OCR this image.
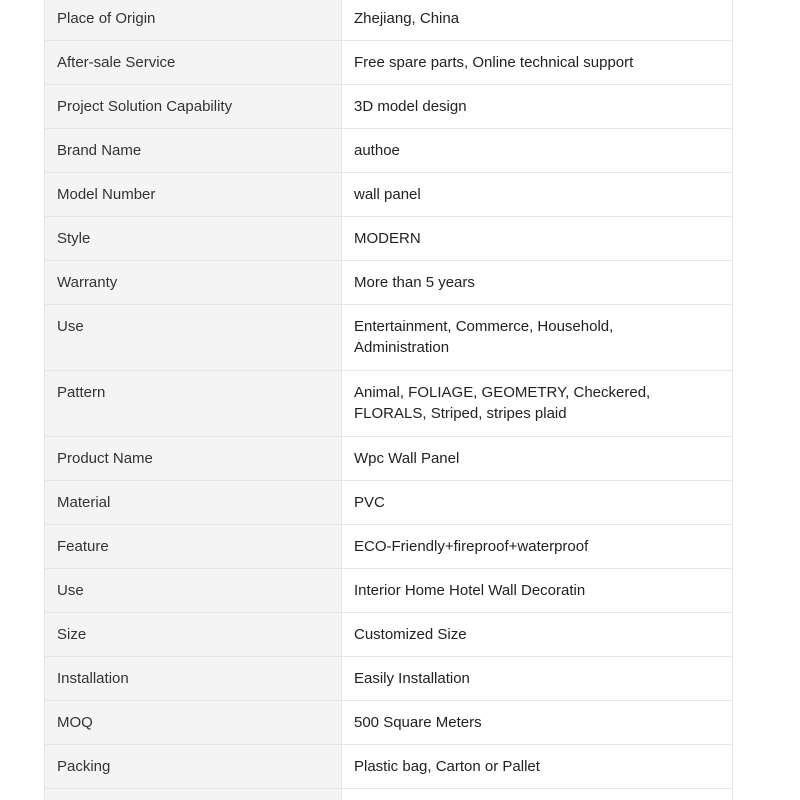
Place of Origin	Zhejiang, China
After-sale Service	Free spare parts, Online technical support
Project Solution Capability	3D model design
Brand Name	authoe
Model Number	wall panel
Style	MODERN
Warranty	More than 5 years
Use	Entertainment, Commerce, Household, Administration
Pattern	Animal, FOLIAGE, GEOMETRY, Checkered, FLORALS, Striped, stripes plaid
Product Name	Wpc Wall Panel
Material	PVC
Feature	ECO-Friendly+fireproof+waterproof
Use	Interior Home Hotel Wall Decoratin
Size	Customized Size
Installation	Easily Installation
MOQ	500 Square Meters
Packing	Plastic bag, Carton or Pallet
